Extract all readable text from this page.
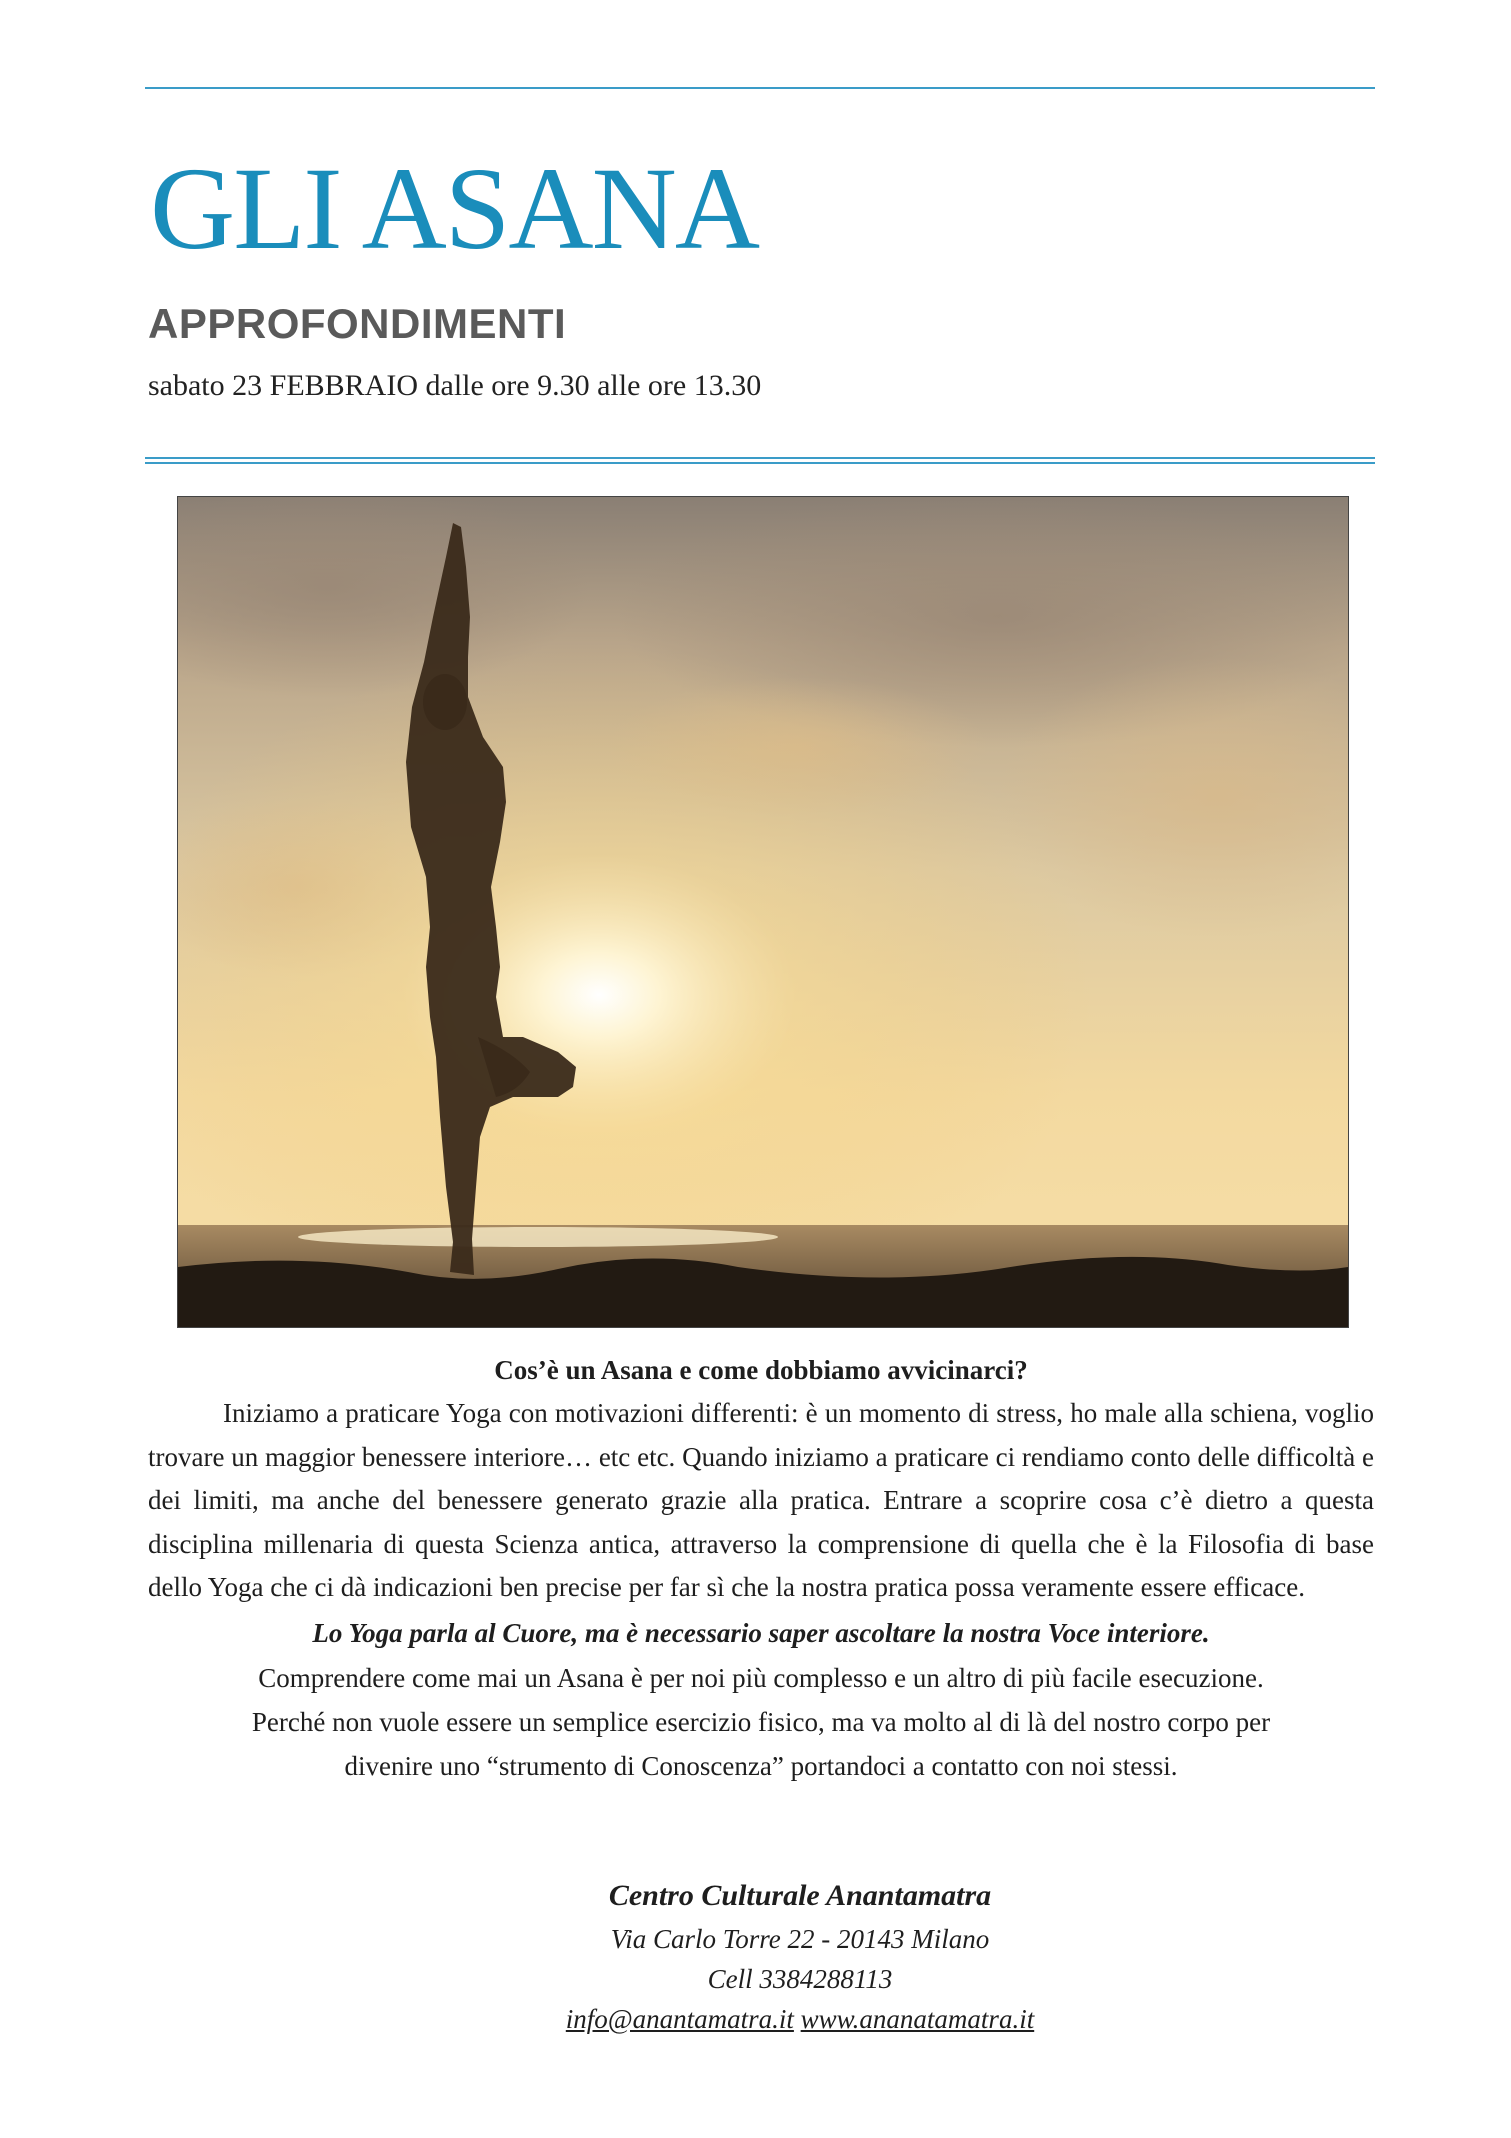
GLI ASANA
APPROFONDIMENTI

sabato 23 FEBBRAIO dalle ore 9.30 alle ore 13.30

Cos’è un Asana e come dobbiamo avvicinarci?

Iniziamo a praticare Yoga con motivazioni differenti: è un momento di stress, ho male alla schiena, voglio trovare un maggior benessere interiore… etc etc. Quando iniziamo a praticare ci rendiamo conto delle difficoltà e dei limiti, ma anche del benessere generato grazie alla pratica. Entrare a scoprire cosa c’è dietro a questa disciplina millenaria di questa Scienza antica, attraverso la comprensione di quella che è la Filosofia di base dello Yoga che ci dà indicazioni ben precise per far sì che la nostra pratica possa veramente essere efficace.

Lo Yoga parla al Cuore, ma è necessario saper ascoltare la nostra Voce interiore.

Comprendere come mai un Asana è per noi più complesso e un altro di più facile esecuzione.

Perché non vuole essere un semplice esercizio fisico, ma va molto al di là del nostro corpo per

divenire uno “strumento di Conoscenza” portandoci a contatto con noi stessi.

Centro Culturale Anantamatra

Via Carlo Torre 22 - 20143 Milano

Cell 3384288113

info@anantamatra.it www.ananatamatra.it
